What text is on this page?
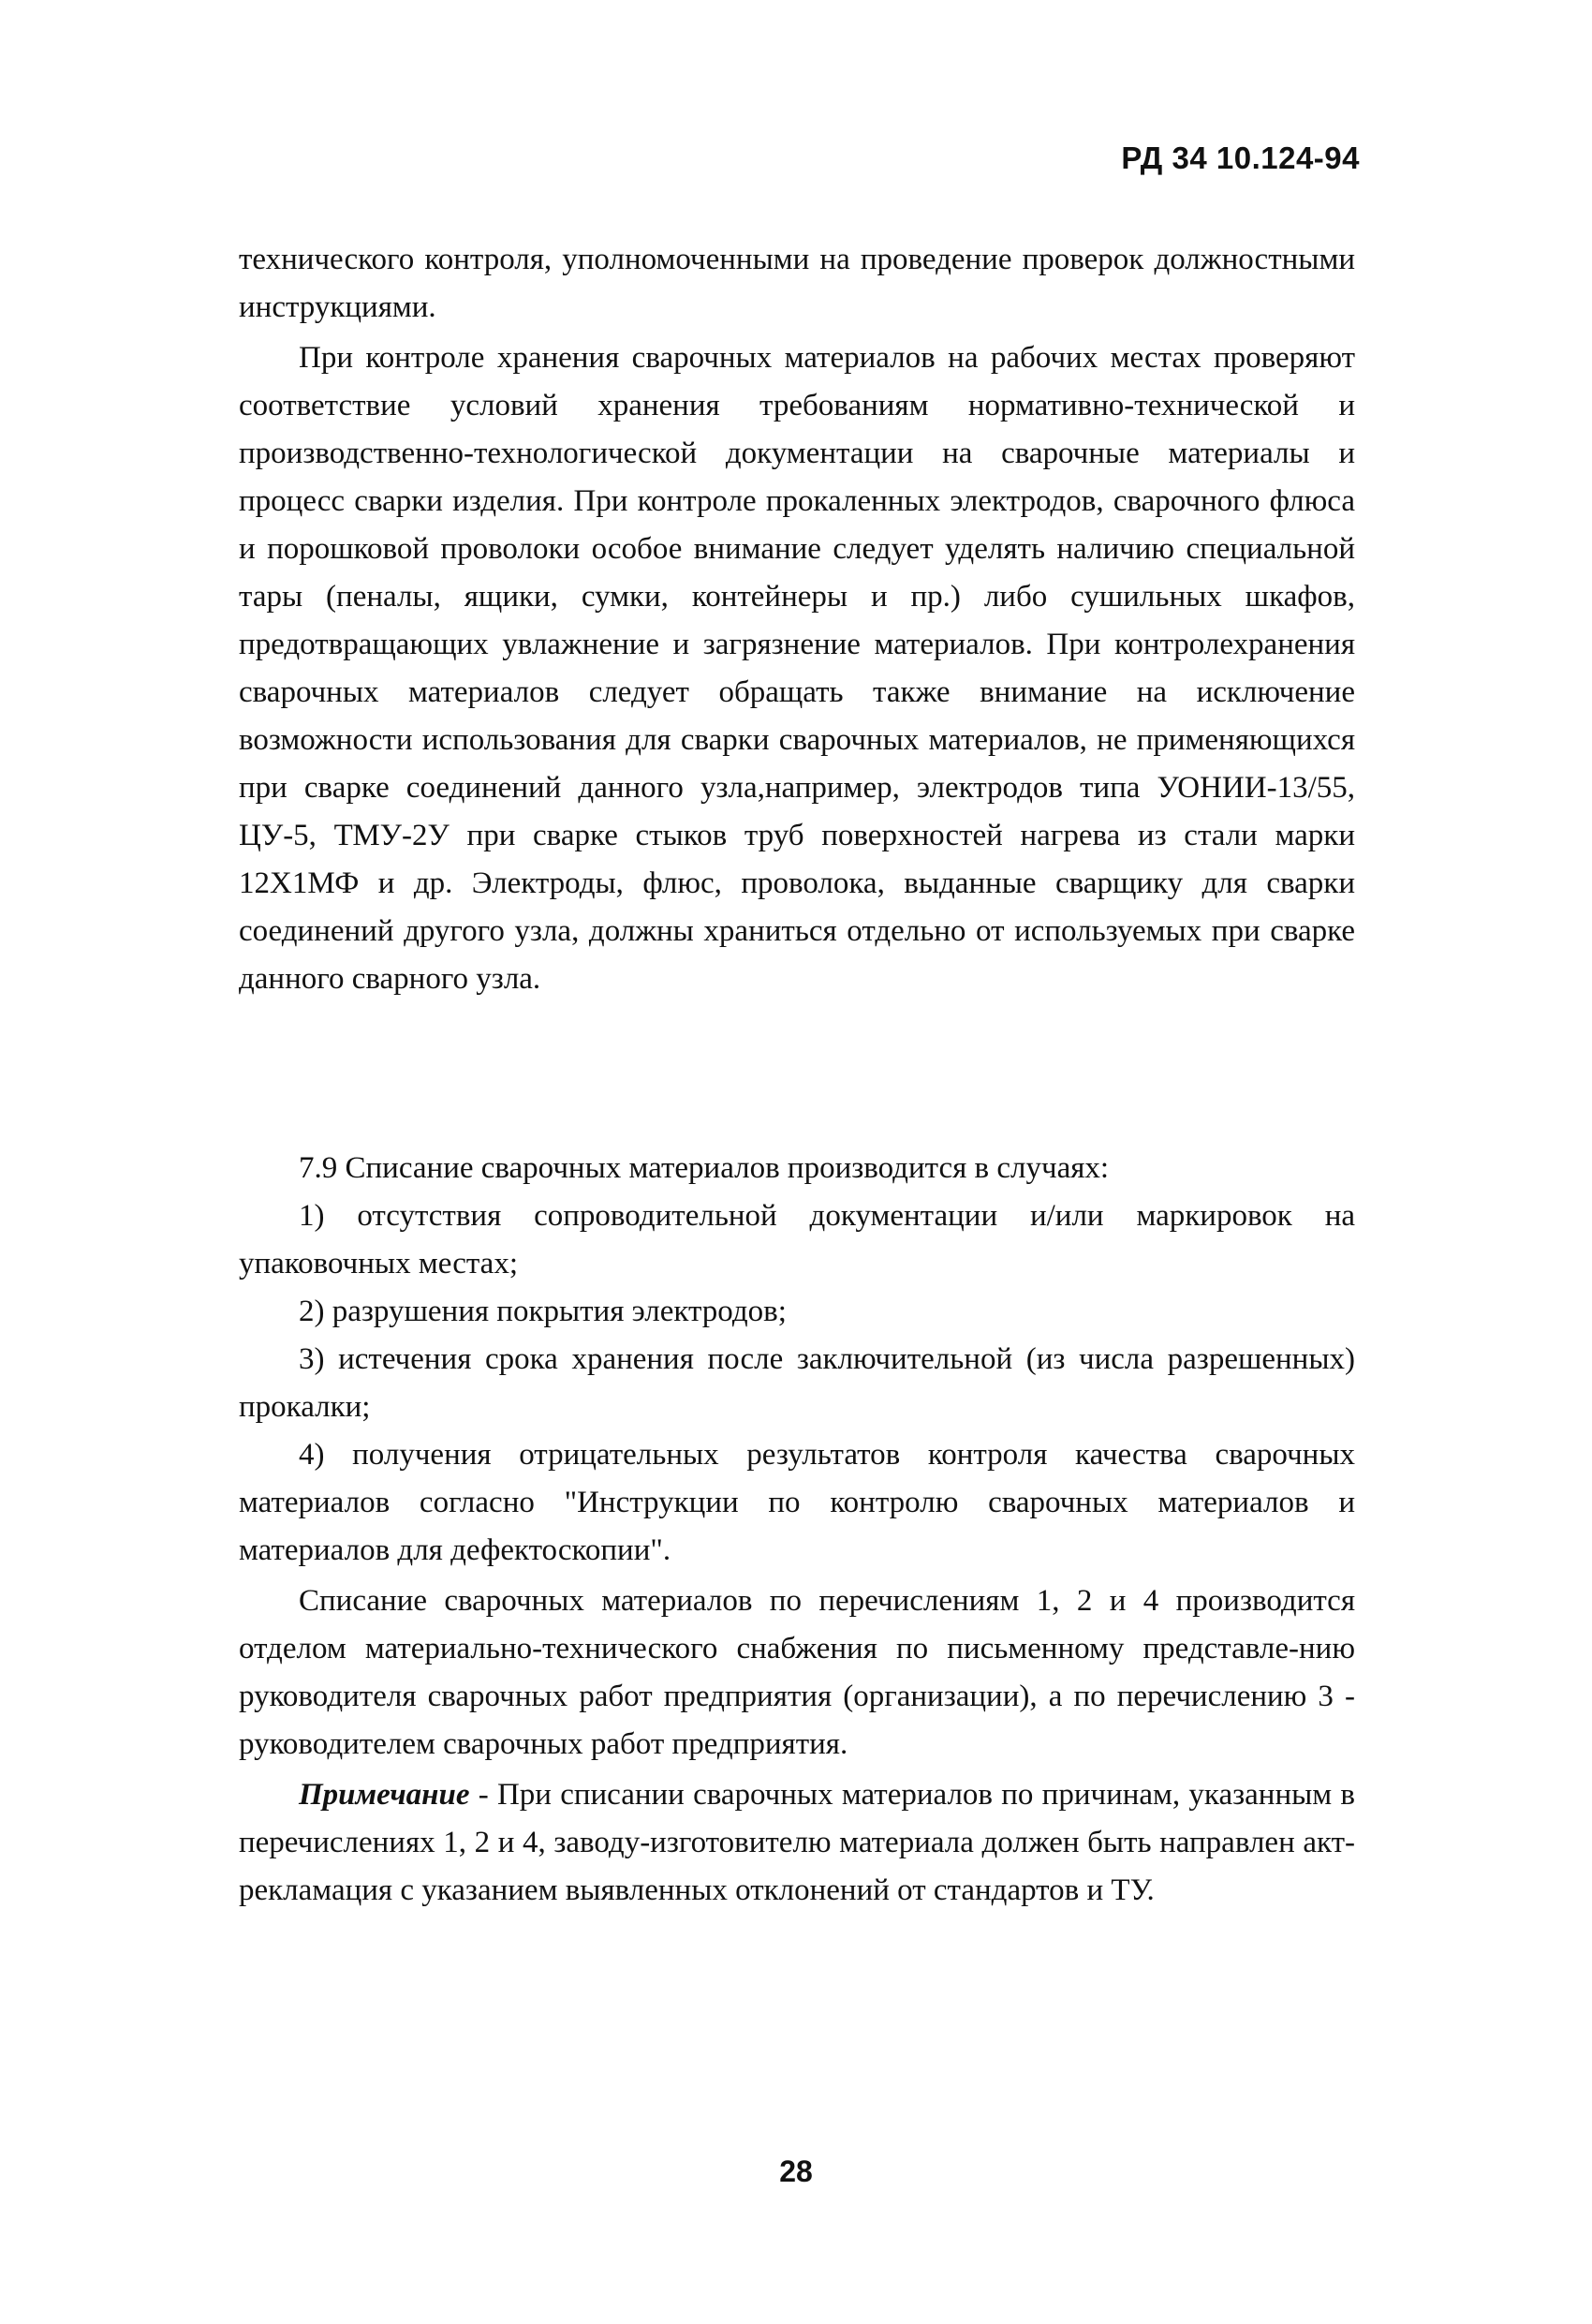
РД 34 10.124-94

технического контроля, уполномоченными на проведение проверок должностными инструкциями.

При контроле хранения сварочных материалов на рабочих местах проверяют соответствие условий хранения требованиям нормативно-технической и производственно-технологической документации на сварочные материалы и процесс сварки изделия. При контроле прокаленных электродов, сварочного флюса и порошковой проволоки особое внимание следует уделять наличию специальной тары (пеналы, ящики, сумки, контейнеры и пр.) либо сушильных шкафов, предотвращающих увлажнение и загрязнение материалов. При контролехранения сварочных материалов следует обращать также внимание на исключение возможности использования для сварки сварочных материалов, не применяющихся при сварке соединений данного узла,например, электродов типа УОНИИ-13/55, ЦУ-5, ТМУ-2У при сварке стыков труб поверхностей нагрева из стали марки 12Х1МФ и др. Электроды, флюс, проволока, выданные сварщику для сварки соединений другого узла, должны храниться отдельно от используемых при сварке данного сварного узла.

7.9 Списание сварочных материалов производится в случаях:

1) отсутствия сопроводительной документации и/или маркировок на упаковочных местах;

2) разрушения покрытия электродов;

3) истечения срока хранения после заключительной (из числа разрешенных) прокалки;

4) получения отрицательных результатов контроля качества сварочных материалов согласно "Инструкции по контролю сварочных материалов и материалов для дефектоскопии".

Списание сварочных материалов по перечислениям 1, 2 и 4 производится отделом материально-технического снабжения по письменному представле-нию руководителя сварочных работ предприятия (организации), а по перечислению 3 - руководителем сварочных работ предприятия.

Примечание - При списании сварочных материалов по причинам, указанным в перечислениях 1, 2 и 4, заводу-изготовителю материала должен быть направлен акт-рекламация с указанием выявленных отклонений от стандартов и ТУ.

28
